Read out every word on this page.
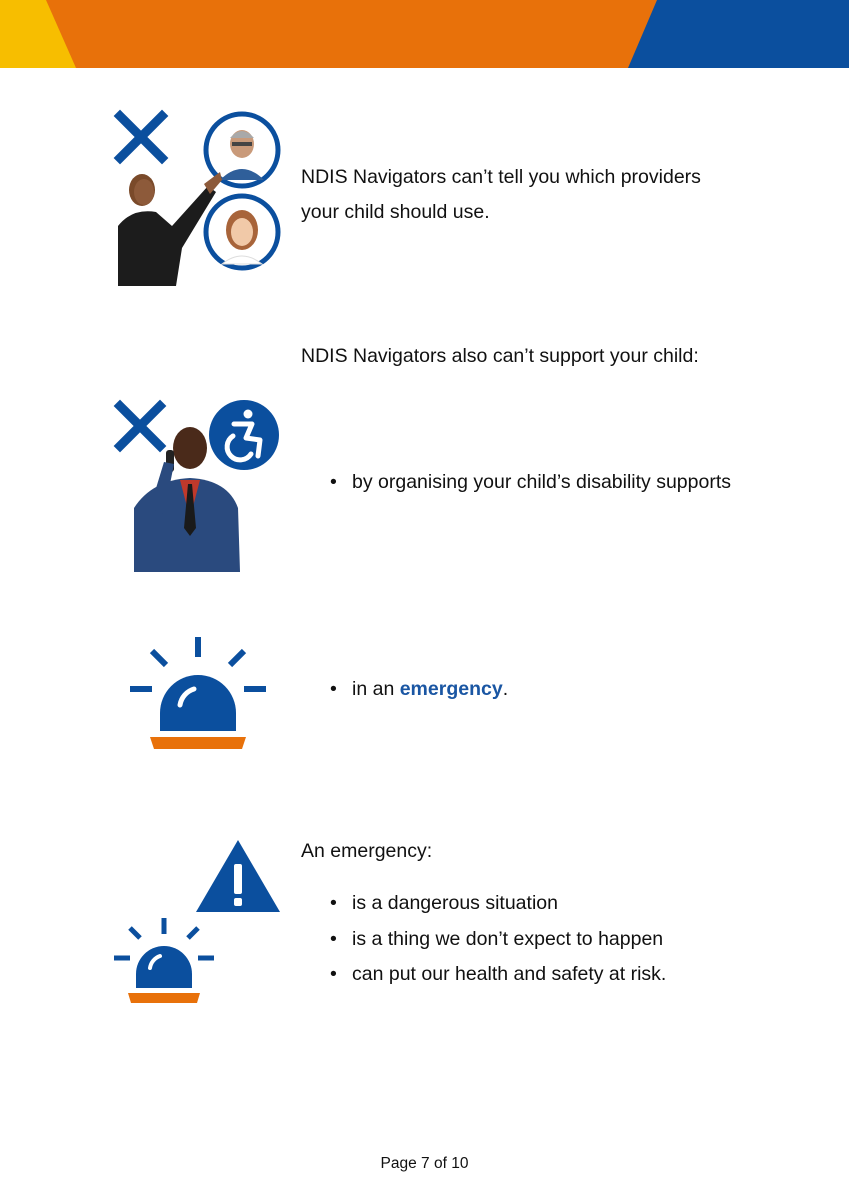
NDIS Navigators can’t tell you which providers your child should use.

NDIS Navigators also can’t support your child:

• by organising your child’s disability supports
• in an emergency.

An emergency:

• is a dangerous situation
• is a thing we don’t expect to happen
• can put our health and safety at risk.
Page 7 of 10
